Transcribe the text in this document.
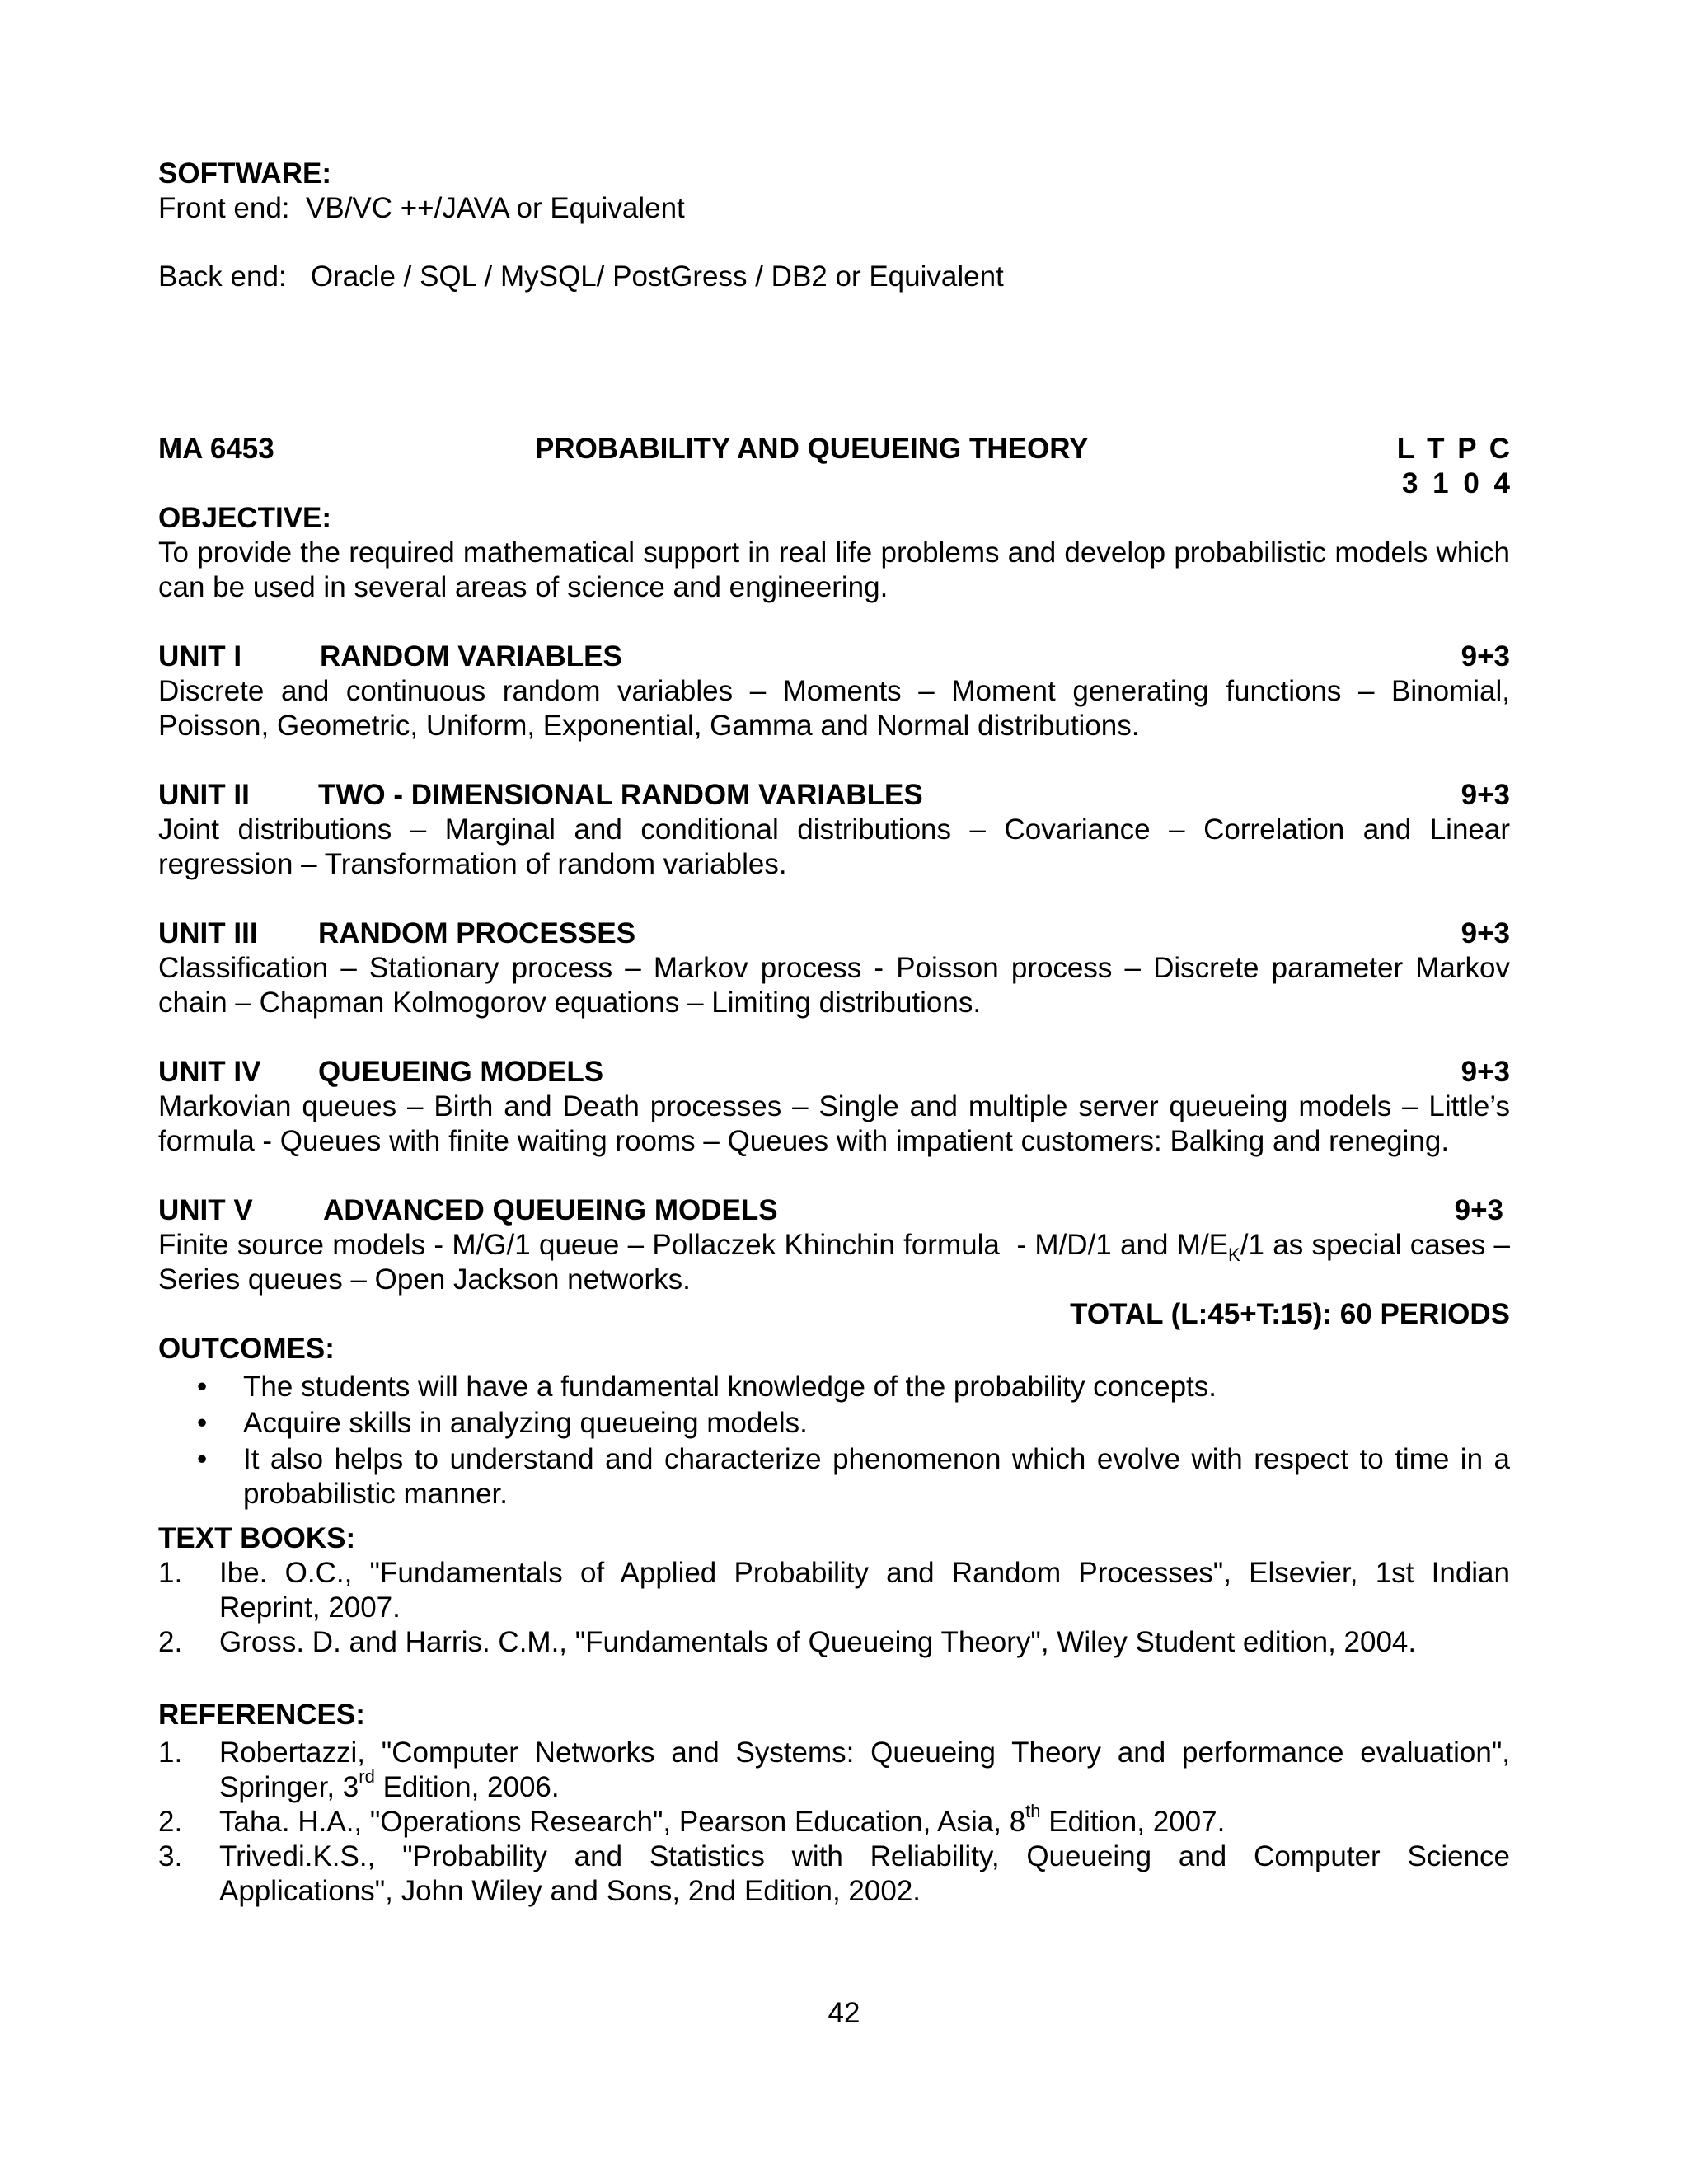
SOFTWARE:
Front end:  VB/VC ++/JAVA or Equivalent
Back end:   Oracle / SQL / MySQL/ PostGress / DB2 or Equivalent
MA 6453	PROBABILITY AND QUEUEING THEORY	L T P C
3 1 0 4
OBJECTIVE:
To provide the required mathematical support in real life problems and develop probabilistic models which can be used in several areas of science and engineering.
UNIT I	RANDOM VARIABLES	9+3
Discrete and continuous random variables – Moments – Moment generating functions – Binomial, Poisson, Geometric, Uniform, Exponential, Gamma and Normal distributions.
UNIT II	TWO - DIMENSIONAL RANDOM VARIABLES	9+3
Joint distributions – Marginal and conditional distributions – Covariance – Correlation and Linear regression – Transformation of random variables.
UNIT III	RANDOM PROCESSES	9+3
Classification – Stationary process – Markov process - Poisson process – Discrete parameter Markov chain – Chapman Kolmogorov equations – Limiting distributions.
UNIT IV	QUEUEING MODELS	9+3
Markovian queues – Birth and Death processes – Single and multiple server queueing models – Little’s formula - Queues with finite waiting rooms – Queues with impatient customers: Balking and reneging.
UNIT V	ADVANCED QUEUEING MODELS	9+3
Finite source models - M/G/1 queue – Pollaczek Khinchin formula  - M/D/1 and $M/E_K/1$ as special cases –   Series queues – Open Jackson networks.
TOTAL (L:45+T:15): 60 PERIODS
OUTCOMES:
• The students will have a fundamental knowledge of the probability concepts.
• Acquire skills in analyzing queueing models.
• It also helps to understand and characterize phenomenon which evolve with respect to time in a probabilistic manner.
TEXT BOOKS:
1. Ibe. O.C., "Fundamentals of Applied Probability and Random Processes", Elsevier, 1st Indian Reprint, 2007.
2. Gross. D. and Harris. C.M., "Fundamentals of Queueing Theory", Wiley Student edition, 2004.
REFERENCES:
1. Robertazzi, "Computer Networks and Systems: Queueing Theory and performance evaluation", Springer, 3rd Edition, 2006.
2. Taha. H.A., "Operations Research", Pearson Education, Asia, 8th Edition, 2007.
3. Trivedi.K.S., "Probability and Statistics with Reliability, Queueing and Computer Science Applications", John Wiley and Sons, 2nd Edition, 2002.
42
